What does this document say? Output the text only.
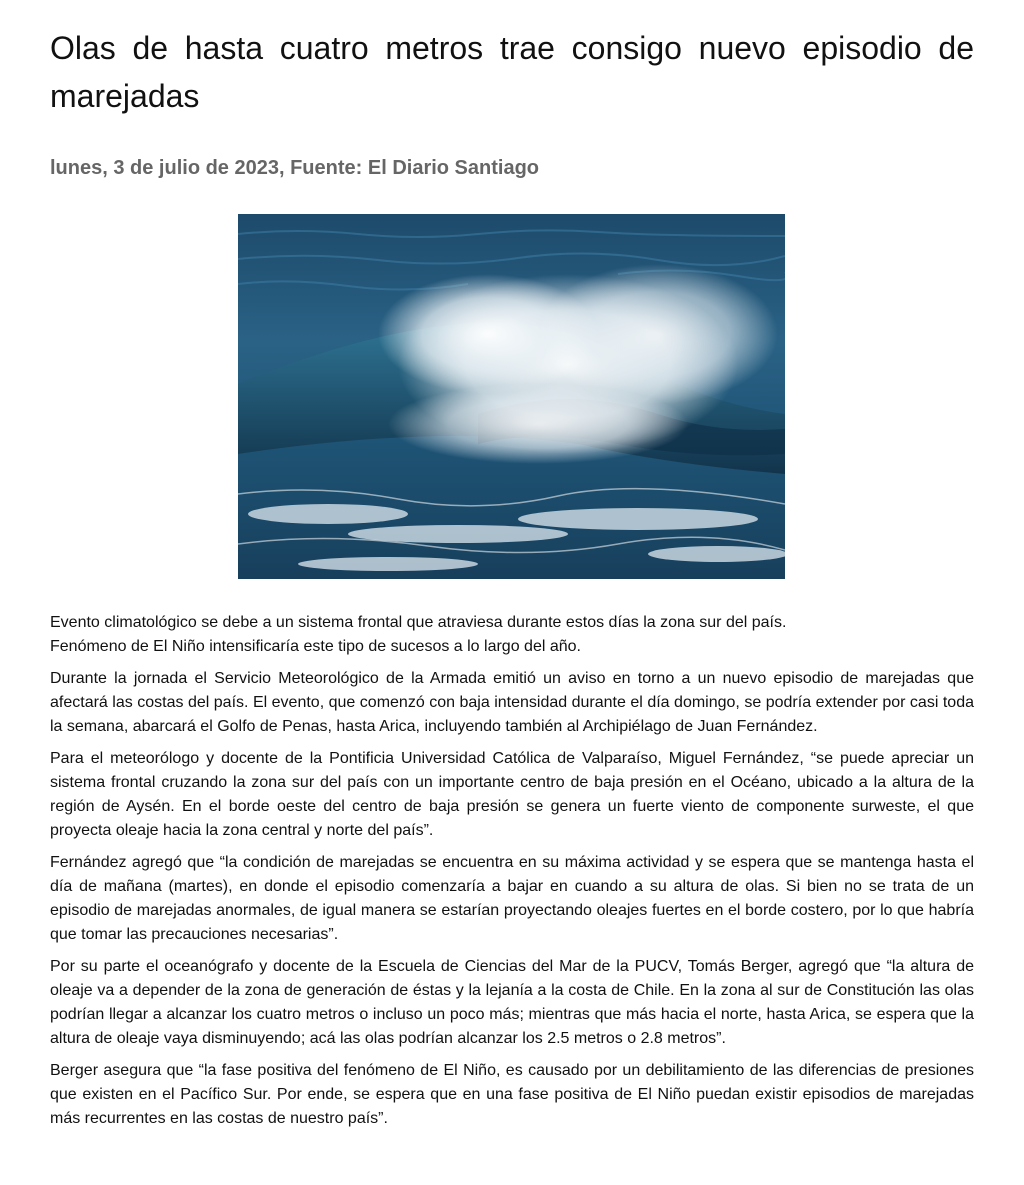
Olas de hasta cuatro metros trae consigo nuevo episodio de marejadas
lunes, 3 de julio de 2023, Fuente: El Diario Santiago

Evento climatológico se debe a un sistema frontal que atraviesa durante estos días la zona sur del país.
Fenómeno de El Niño intensificaría este tipo de sucesos a lo largo del año.

Durante la jornada el Servicio Meteorológico de la Armada emitió un aviso en torno a un nuevo episodio de marejadas que afectará las costas del país. El evento, que comenzó con baja intensidad durante el día domingo, se podría extender por casi toda la semana, abarcará el Golfo de Penas, hasta Arica, incluyendo también al Archipiélago de Juan Fernández.

Para el meteorólogo y docente de la Pontificia Universidad Católica de Valparaíso, Miguel Fernández, “se puede apreciar un sistema frontal cruzando la zona sur del país con un importante centro de baja presión en el Océano, ubicado a la altura de la región de Aysén. En el borde oeste del centro de baja presión se genera un fuerte viento de componente surweste, el que proyecta oleaje hacia la zona central y norte del país”.

Fernández agregó que “la condición de marejadas se encuentra en su máxima actividad y se espera que se mantenga hasta el día de mañana (martes), en donde el episodio comenzaría a bajar en cuando a su altura de olas. Si bien no se trata de un episodio de marejadas anormales, de igual manera se estarían proyectando oleajes fuertes en el borde costero, por lo que habría que tomar las precauciones necesarias”.

Por su parte el oceanógrafo y docente de la Escuela de Ciencias del Mar de la PUCV, Tomás Berger, agregó que “la altura de oleaje va a depender de la zona de generación de éstas y la lejanía a la costa de Chile. En la zona al sur de Constitución las olas podrían llegar a alcanzar los cuatro metros o incluso un poco más; mientras que más hacia el norte, hasta Arica, se espera que la altura de oleaje vaya disminuyendo; acá las olas podrían alcanzar los 2.5 metros o 2.8 metros”.

Berger asegura que “la fase positiva del fenómeno de El Niño, es causado por un debilitamiento de las diferencias de presiones que existen en el Pacífico Sur. Por ende, se espera que en una fase positiva de El Niño puedan existir episodios de marejadas más recurrentes en las costas de nuestro país”.
